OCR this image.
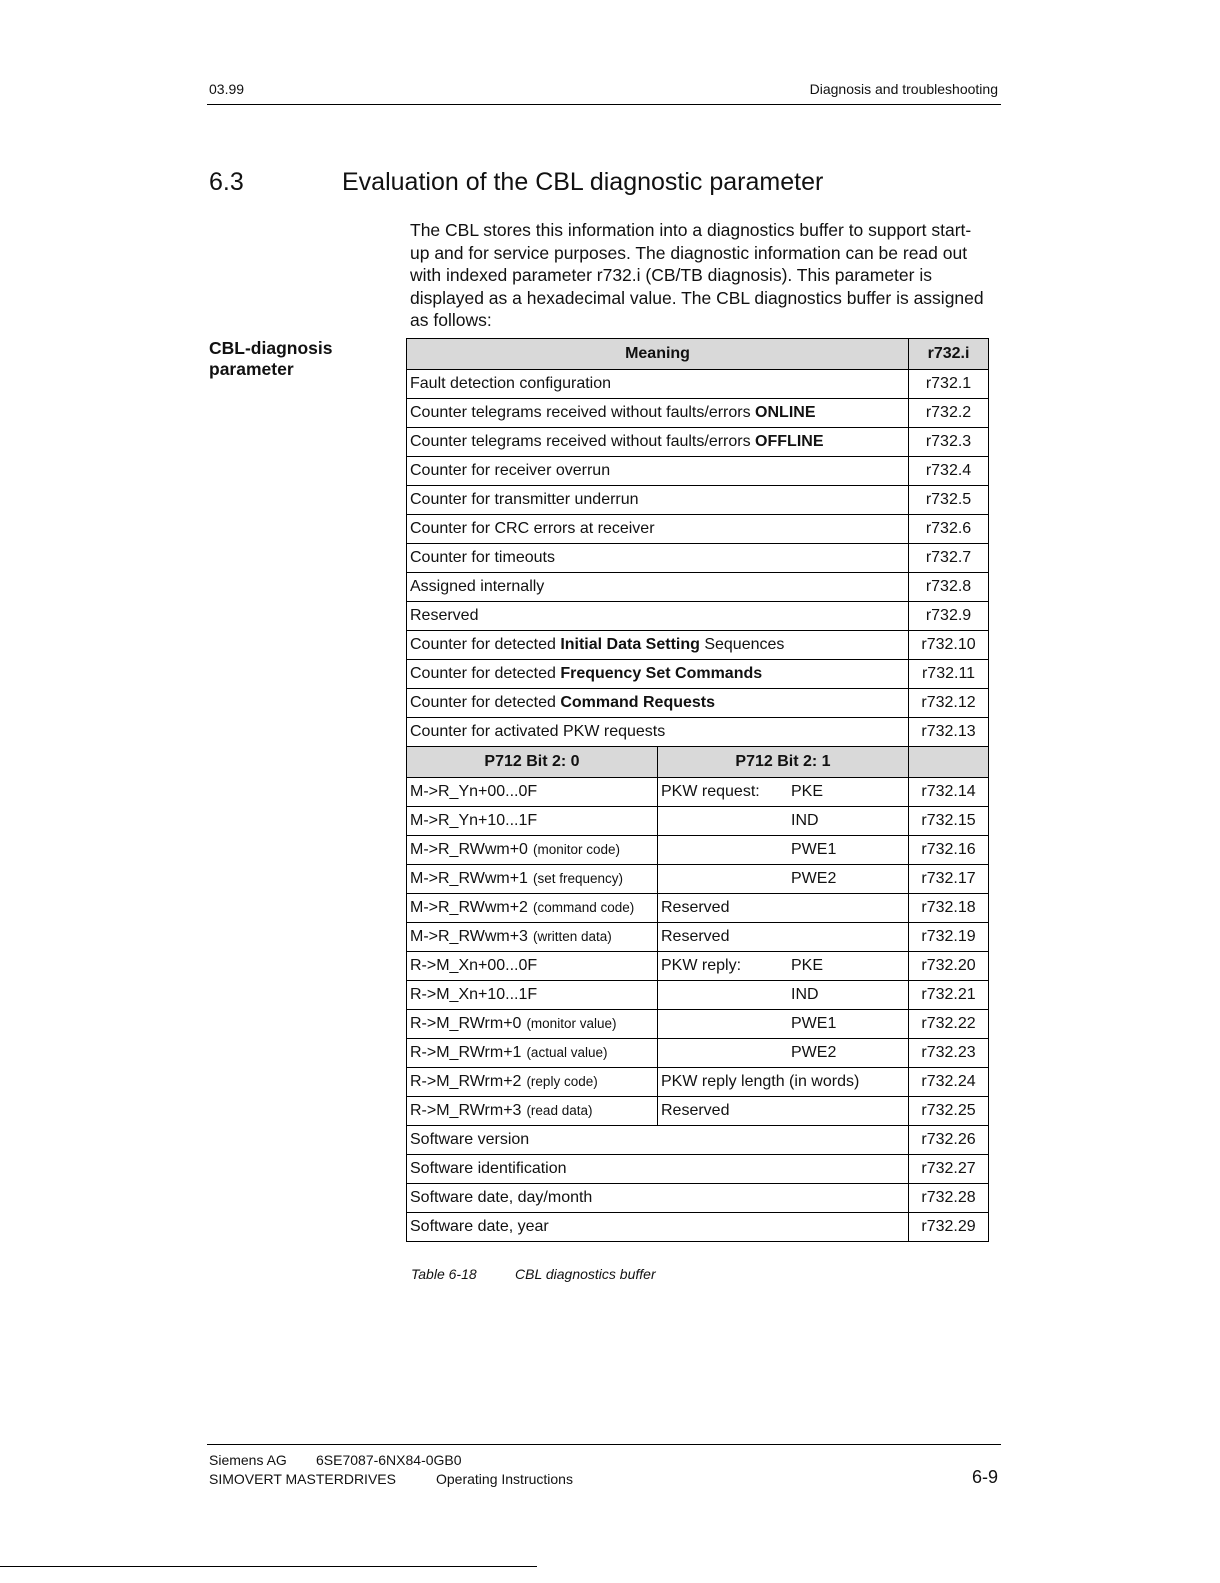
03.99	Diagnosis and troubleshooting
6.3	Evaluation of the CBL diagnostic parameter
The CBL stores this information into a diagnostics buffer to support start-up and for service purposes. The diagnostic information can be read out with indexed parameter r732.i (CB/TB diagnosis). This parameter is displayed as a hexadecimal value. The CBL diagnostics buffer is assigned as follows:
CBL-diagnosis
parameter
Meaning		r732.i
Fault detection configuration		r732.1
Counter telegrams received without faults/errors ONLINE		r732.2
Counter telegrams received without faults/errors OFFLINE		r732.3
Counter for receiver overrun		r732.4
Counter for transmitter underrun		r732.5
Counter for CRC errors at receiver		r732.6
Counter for timeouts		r732.7
Assigned internally		r732.8
Reserved		r732.9
Counter for detected Initial Data Setting Sequences		r732.10
Counter for detected Frequency Set Commands		r732.11
Counter for detected Command Requests		r732.12
Counter for activated PKW requests		r732.13
P712 Bit 2: 0	P712 Bit 2: 1	
M->R_Yn+00...0F	PKW request: PKE	r732.14
M->R_Yn+10...1F	IND	r732.15
M->R_RWwm+0 (monitor code)	PWE1	r732.16
M->R_RWwm+1 (set frequency)	PWE2	r732.17
M->R_RWwm+2 (command code)	Reserved	r732.18
M->R_RWwm+3 (written data)	Reserved	r732.19
R->M_Xn+00...0F	PKW reply: PKE	r732.20
R->M_Xn+10...1F	IND	r732.21
R->M_RWrm+0 (monitor value)	PWE1	r732.22
R->M_RWrm+1 (actual value)	PWE2	r732.23
R->M_RWrm+2 (reply code)	PKW reply length (in words)	r732.24
R->M_RWrm+3 (read data)	Reserved	r732.25
Software version		r732.26
Software identification		r732.27
Software date, day/month		r732.28
Software date, year		r732.29
Table 6-18	CBL diagnostics buffer
Siemens AG 6SE7087-6NX84-0GB0
SIMOVERT MASTERDRIVES	Operating Instructions	6-9
